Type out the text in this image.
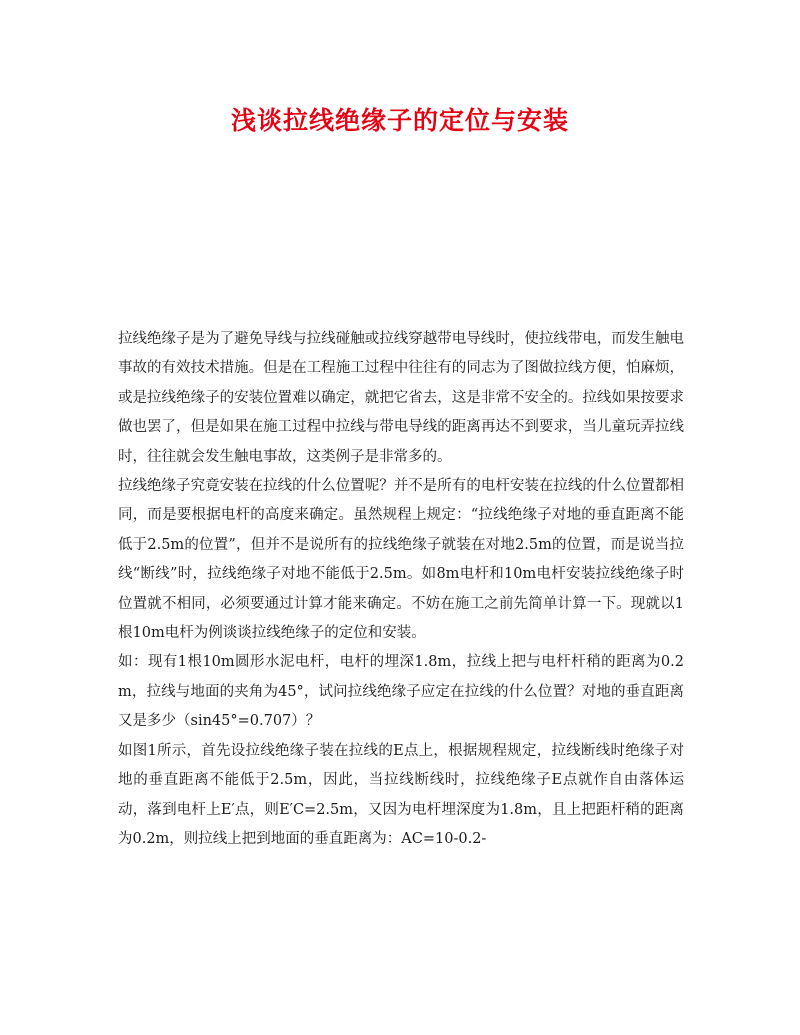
浅谈拉线绝缘子的定位与安装

拉线绝缘子是为了避免导线与拉线碰触或拉线穿越带电导线时，使拉线带电，而发生触电事故的有效技术措施。但是在工程施工过程中往往有的同志为了图做拉线方便，怕麻烦，或是拉线绝缘子的安装位置难以确定，就把它省去，这是非常不安全的。拉线如果按要求做也罢了，但是如果在施工过程中拉线与带电导线的距离再达不到要求，当儿童玩弄拉线时，往往就会发生触电事故，这类例子是非常多的。

拉线绝缘子究竟安装在拉线的什么位置呢？并不是所有的电杆安装在拉线的什么位置都相同，而是要根据电杆的高度来确定。虽然规程上规定：“拉线绝缘子对地的垂直距离不能低于2.5m的位置”，但并不是说所有的拉线绝缘子就装在对地2.5m的位置，而是说当拉线“断线”时，拉线绝缘子对地不能低于2.5m。如8m电杆和10m电杆安装拉线绝缘子时位置就不相同，必须要通过计算才能来确定。不妨在施工之前先简单计算一下。现就以1根10m电杆为例谈谈拉线绝缘子的定位和安装。

如：现有1根10m圆形水泥电杆，电杆的埋深1.8m，拉线上把与电杆杆稍的距离为0.2m，拉线与地面的夹角为45°，试问拉线绝缘子应定在拉线的什么位置？对地的垂直距离又是多少（sin45°=0.707）？

如图1所示，首先设拉线绝缘子装在拉线的E点上，根据规程规定，拉线断线时绝缘子对地的垂直距离不能低于2.5m，因此，当拉线断线时，拉线绝缘子E点就作自由落体运动，落到电杆上E′点，则E′C=2.5m，又因为电杆埋深度为1.8m，且上把距杆稍的距离为0.2m，则拉线上把到地面的垂直距离为：AC=10-0.2-
